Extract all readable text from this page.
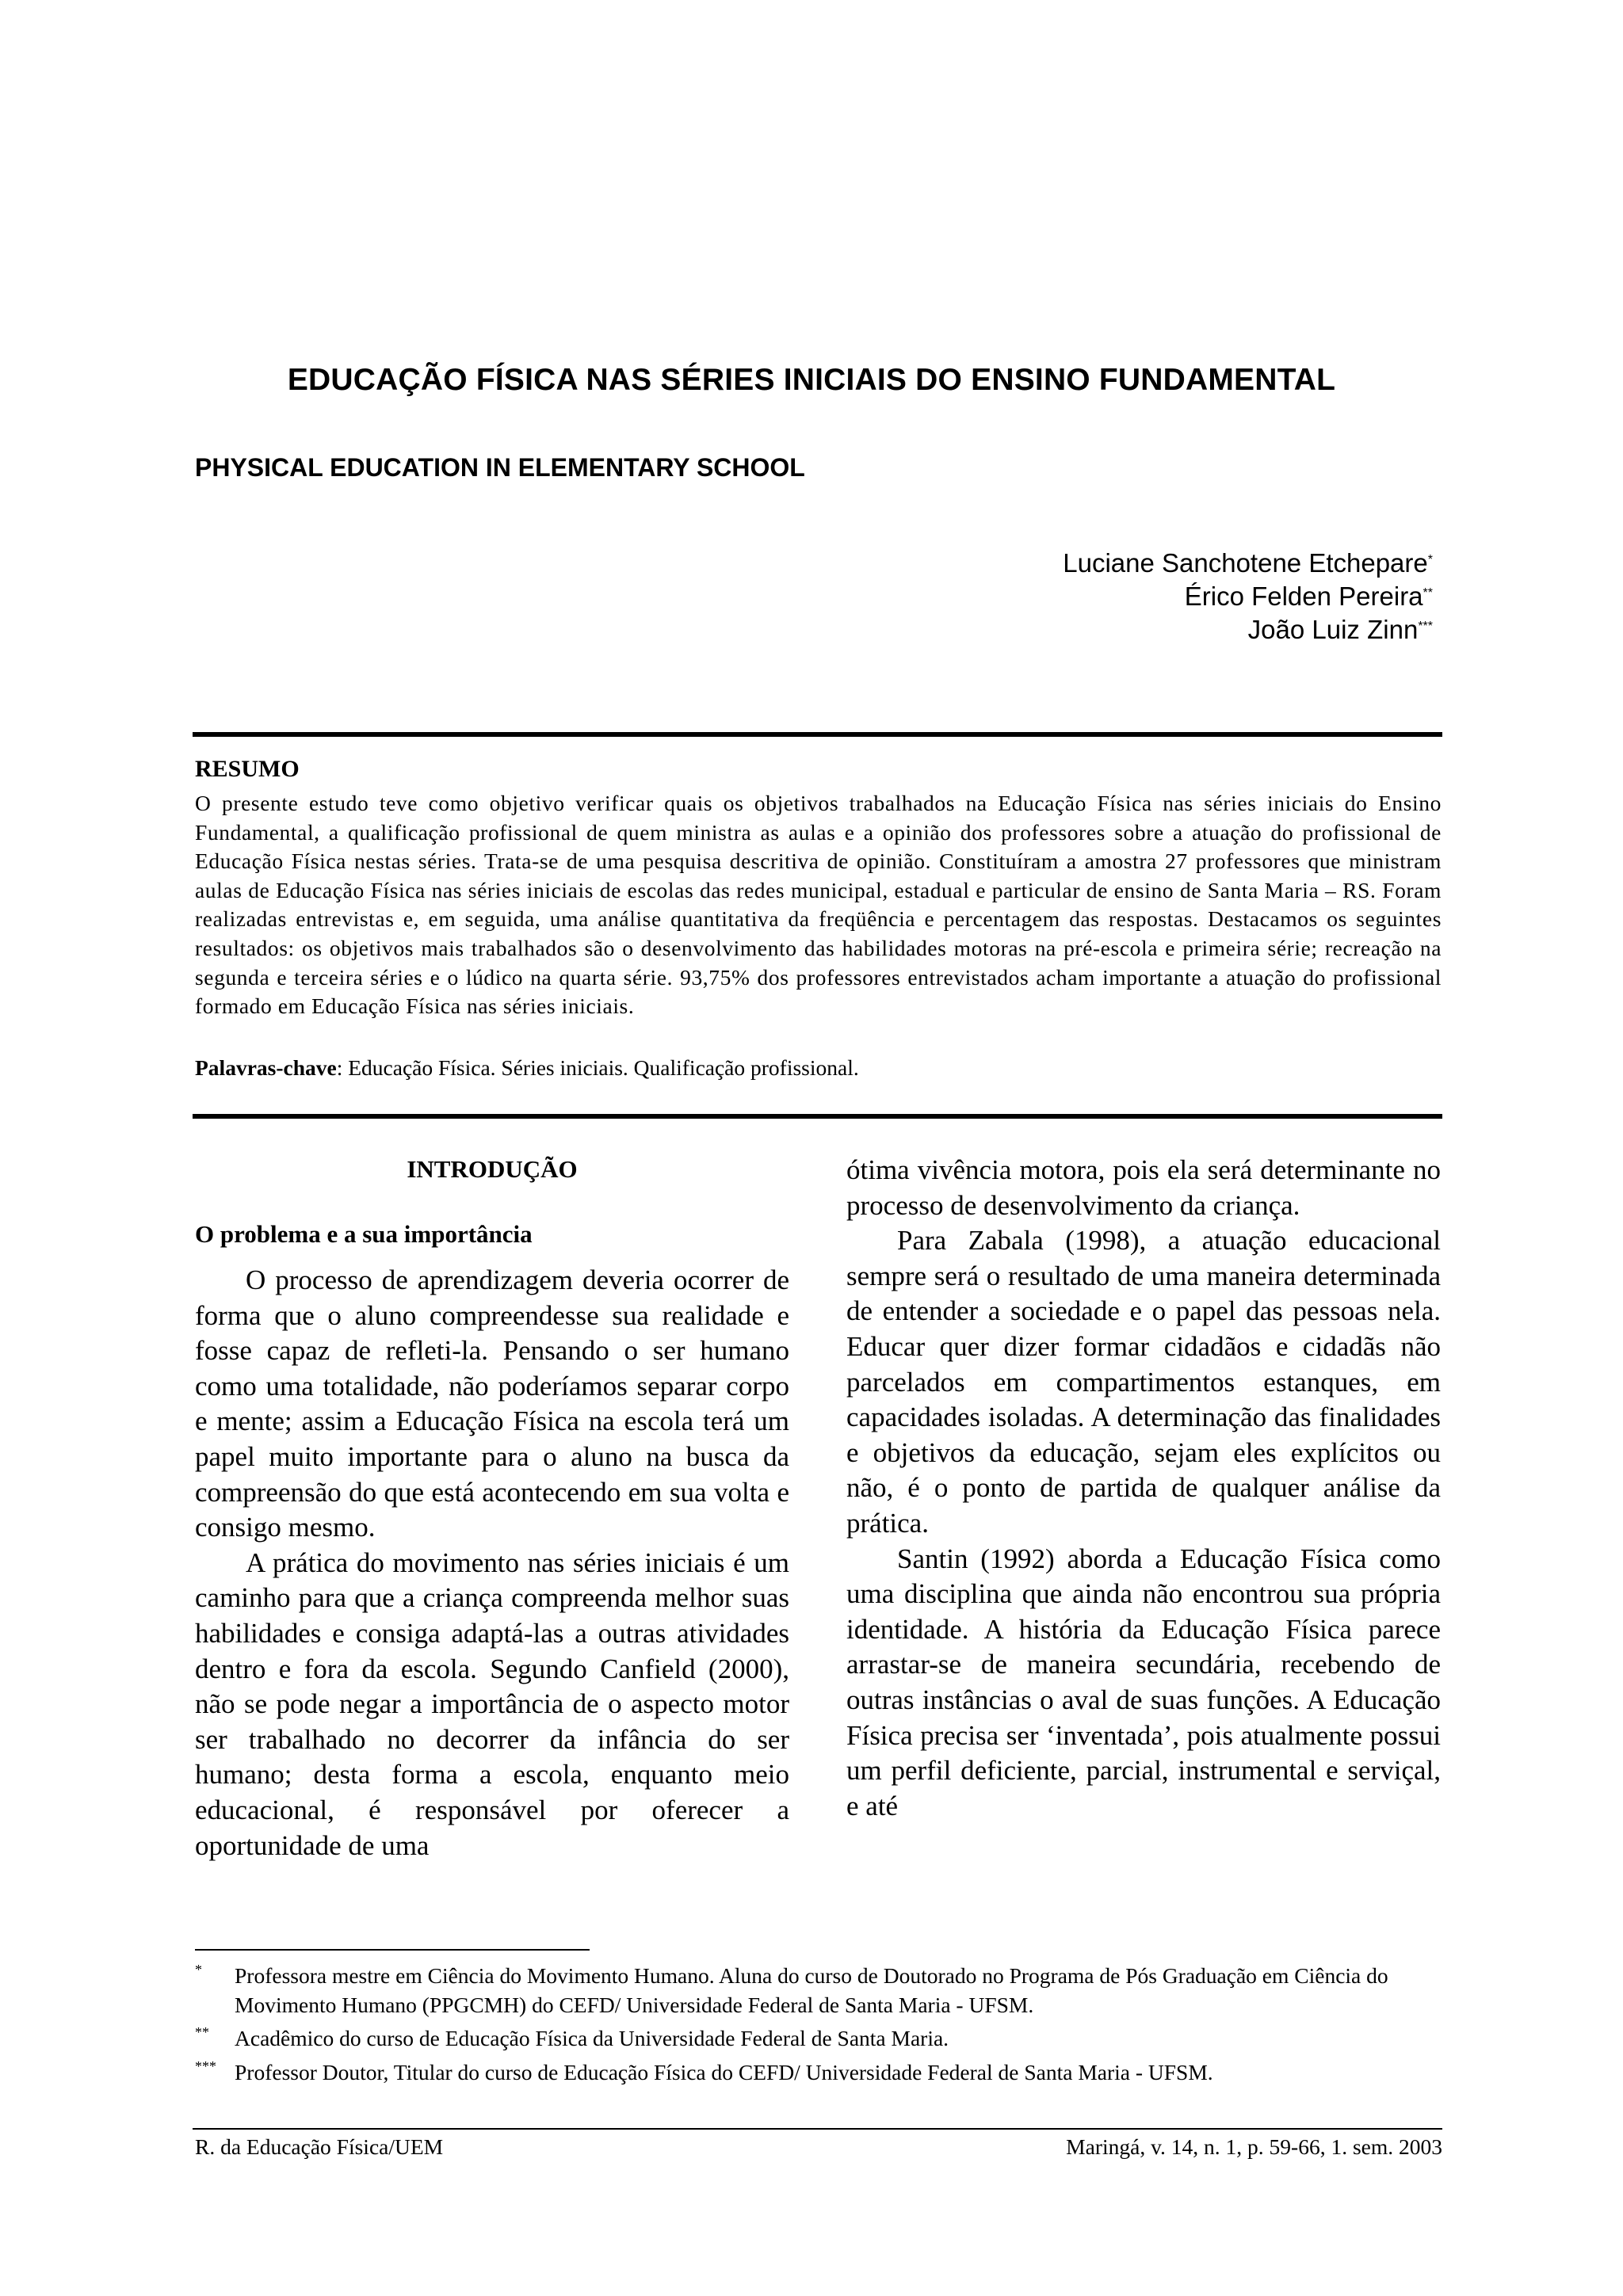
EDUCAÇÃO FÍSICA NAS SÉRIES INICIAIS DO ENSINO FUNDAMENTAL
PHYSICAL EDUCATION IN ELEMENTARY SCHOOL
Luciane Sanchotene Etchepare*
Érico Felden Pereira**
João Luiz Zinn***
RESUMO

O presente estudo teve como objetivo verificar quais os objetivos trabalhados na Educação Física nas séries iniciais do Ensino Fundamental, a qualificação profissional de quem ministra as aulas e a opinião dos professores sobre a atuação do profissional de Educação Física nestas séries. Trata-se de uma pesquisa descritiva de opinião. Constituíram a amostra 27 professores que ministram aulas de Educação Física nas séries iniciais de escolas das redes municipal, estadual e particular de ensino de Santa Maria – RS. Foram realizadas entrevistas e, em seguida, uma análise quantitativa da freqüência e percentagem das respostas. Destacamos os seguintes resultados: os objetivos mais trabalhados são o desenvolvimento das habilidades motoras na pré-escola e primeira série; recreação na segunda e terceira séries e o lúdico na quarta série. 93,75% dos professores entrevistados acham importante a atuação do profissional formado em Educação Física nas séries iniciais.

Palavras-chave: Educação Física. Séries iniciais. Qualificação profissional.
INTRODUÇÃO
O problema e a sua importância

O processo de aprendizagem deveria ocorrer de forma que o aluno compreendesse sua realidade e fosse capaz de refleti-la. Pensando o ser humano como uma totalidade, não poderíamos separar corpo e mente; assim a Educação Física na escola terá um papel muito importante para o aluno na busca da compreensão do que está acontecendo em sua volta e consigo mesmo.

A prática do movimento nas séries iniciais é um caminho para que a criança compreenda melhor suas habilidades e consiga adaptá-las a outras atividades dentro e fora da escola. Segundo Canfield (2000), não se pode negar a importância de o aspecto motor ser trabalhado no decorrer da infância do ser humano; desta forma a escola, enquanto meio educacional, é responsável por oferecer a oportunidade de uma

ótima vivência motora, pois ela será determinante no processo de desenvolvimento da criança.

Para Zabala (1998), a atuação educacional sempre será o resultado de uma maneira determinada de entender a sociedade e o papel das pessoas nela. Educar quer dizer formar cidadãos e cidadãs não parcelados em compartimentos estanques, em capacidades isoladas. A determinação das finalidades e objetivos da educação, sejam eles explícitos ou não, é o ponto de partida de qualquer análise da prática.

Santin (1992) aborda a Educação Física como uma disciplina que ainda não encontrou sua própria identidade. A história da Educação Física parece arrastar-se de maneira secundária, recebendo de outras instâncias o aval de suas funções. A Educação Física precisa ser ‘inventada’, pois atualmente possui um perfil deficiente, parcial, instrumental e serviçal, e até

* Professora mestre em Ciência do Movimento Humano. Aluna do curso de Doutorado no Programa de Pós Graduação em Ciência do Movimento Humano (PPGCMH) do CEFD/ Universidade Federal de Santa Maria - UFSM.
** Acadêmico do curso de Educação Física da Universidade Federal de Santa Maria.
*** Professor Doutor, Titular do curso de Educação Física do CEFD/ Universidade Federal de Santa Maria - UFSM.
R. da Educação Física/UEM	Maringá, v. 14, n. 1, p. 59-66, 1. sem. 2003
